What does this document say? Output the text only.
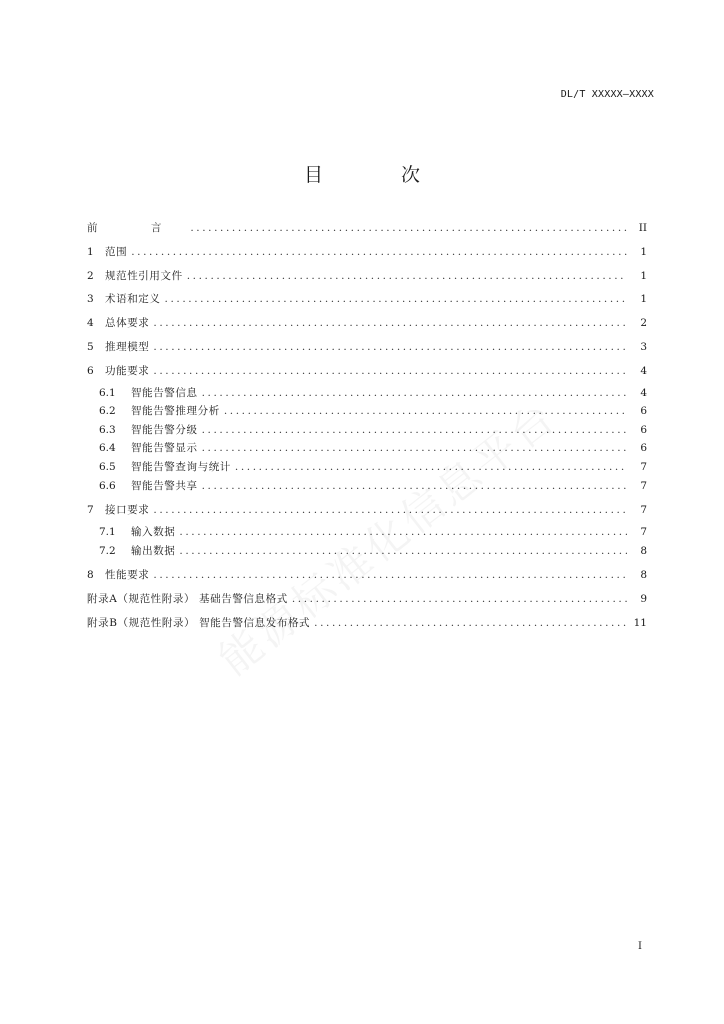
DL/T XXXXX—XXXX
目 次
前 言 .....	II
1	范围 .....	1
2	规范性引用文件 .....	1
3	术语和定义 .....	1
4	总体要求 .....	2
5	推理模型 .....	3
6	功能要求 .....	4
6.1	智能告警信息 .....	4
6.2	智能告警推理分析 .....	6
6.3	智能告警分级 .....	6
6.4	智能告警显示 .....	6
6.5	智能告警查询与统计 .....	7
6.6	智能告警共享 .....	7
7	接口要求 .....	7
7.1	输入数据 .....	7
7.2	输出数据 .....	8
8	性能要求 .....	8
附录A（规范性附录） 基础告警信息格式 .....	9
附录B（规范性附录） 智能告警信息发布格式 .....	11
I
